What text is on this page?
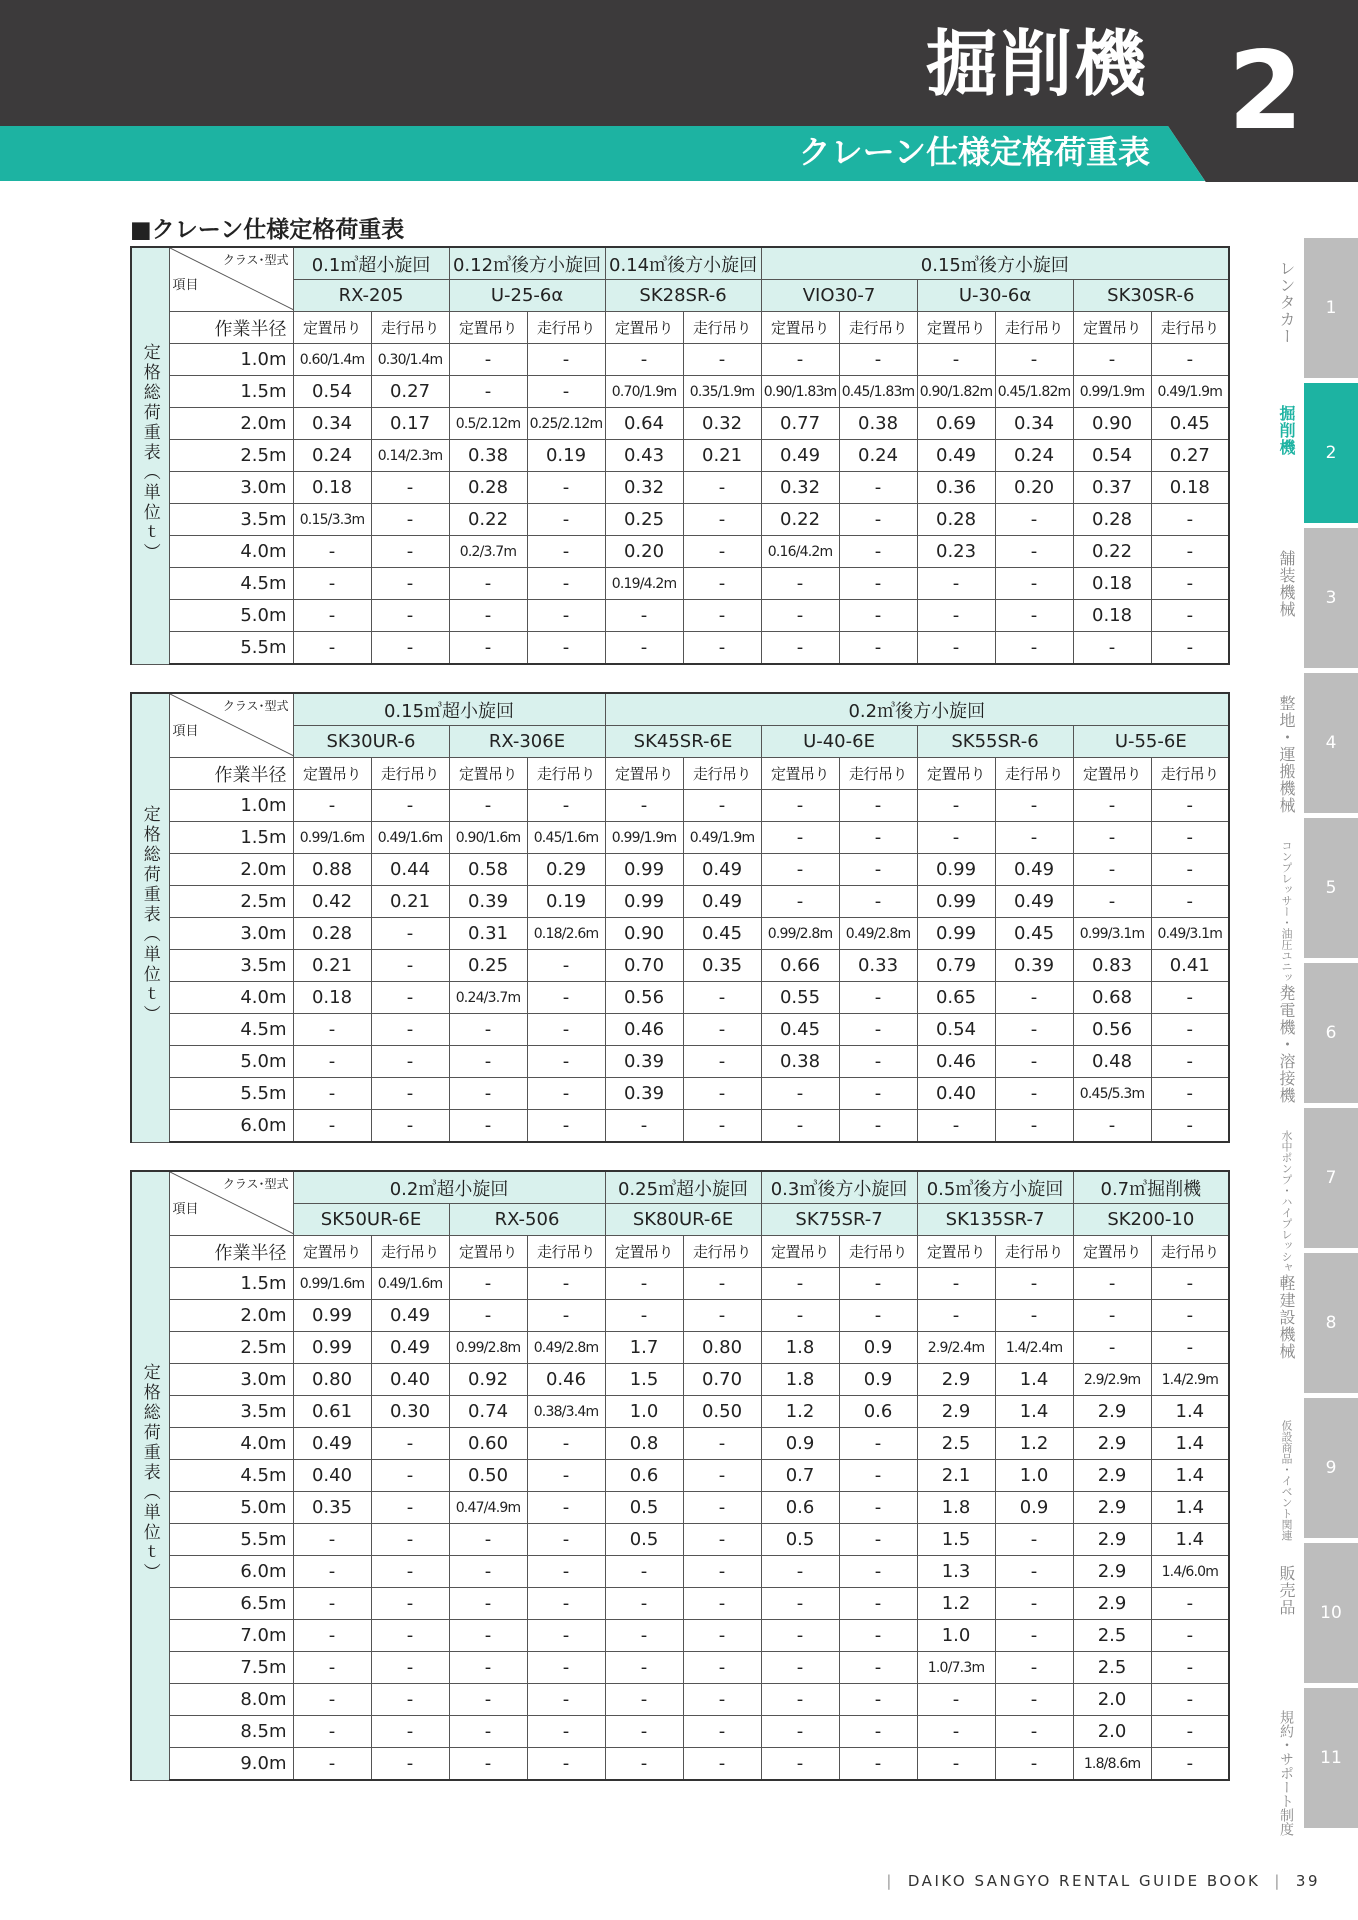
掘削機
クレーン仕様定格荷重表 2
■クレーン仕様定格荷重表
定格総荷重表（単位ｔ）	クラス･型式
項目	0.1㎥超小旋回		0.12㎥後方小旋回		0.14㎥後方小旋回		0.15㎥後方小旋回					
		RX-205		U-25-6α		SK28SR-6		VIO30-7		U-30-6α		SK30SR-6	
	作業半径	定置吊り	走行吊り	定置吊り	走行吊り	定置吊り	走行吊り	定置吊り	走行吊り	定置吊り	走行吊り	定置吊り	走行吊り
	1.0m	0.60/1.4m	0.30/1.4m	-	-	-	-	-	-	-	-	-	-
	1.5m	0.54	0.27	-	-	0.70/1.9m	0.35/1.9m	0.90/1.83m	0.45/1.83m	0.90/1.82m	0.45/1.82m	0.99/1.9m	0.49/1.9m
	2.0m	0.34	0.17	0.5/2.12m	0.25/2.12m	0.64	0.32	0.77	0.38	0.69	0.34	0.90	0.45
	2.5m	0.24	0.14/2.3m	0.38	0.19	0.43	0.21	0.49	0.24	0.49	0.24	0.54	0.27
	3.0m	0.18	-	0.28	-	0.32	-	0.32	-	0.36	0.20	0.37	0.18
	3.5m	0.15/3.3m	-	0.22	-	0.25	-	0.22	-	0.28	-	0.28	-
	4.0m	-	-	0.2/3.7m	-	0.20	-	0.16/4.2m	-	0.23	-	0.22	-
	4.5m	-	-	-	-	0.19/4.2m	-	-	-	-	-	0.18	-
	5.0m	-	-	-	-	-	-	-	-	-	-	0.18	-
	5.5m	-	-	-	-	-	-	-	-	-	-	-	-
定格総荷重表（単位ｔ）	クラス･型式
項目	0.15㎥超小旋回				0.2㎥後方小旋回							
		SK30UR-6		RX-306E		SK45SR-6E		U-40-6E		SK55SR-6		U-55-6E	
	作業半径	定置吊り	走行吊り	定置吊り	走行吊り	定置吊り	走行吊り	定置吊り	走行吊り	定置吊り	走行吊り	定置吊り	走行吊り
	1.0m	-	-	-	-	-	-	-	-	-	-	-	-
	1.5m	0.99/1.6m	0.49/1.6m	0.90/1.6m	0.45/1.6m	0.99/1.9m	0.49/1.9m	-	-	-	-	-	-
	2.0m	0.88	0.44	0.58	0.29	0.99	0.49	-	-	0.99	0.49	-	-
	2.5m	0.42	0.21	0.39	0.19	0.99	0.49	-	-	0.99	0.49	-	-
	3.0m	0.28	-	0.31	0.18/2.6m	0.90	0.45	0.99/2.8m	0.49/2.8m	0.99	0.45	0.99/3.1m	0.49/3.1m
	3.5m	0.21	-	0.25	-	0.70	0.35	0.66	0.33	0.79	0.39	0.83	0.41
	4.0m	0.18	-	0.24/3.7m	-	0.56	-	0.55	-	0.65	-	0.68	-
	4.5m	-	-	-	-	0.46	-	0.45	-	0.54	-	0.56	-
	5.0m	-	-	-	-	0.39	-	0.38	-	0.46	-	0.48	-
	5.5m	-	-	-	-	0.39	-	-	-	0.40	-	0.45/5.3m	-
	6.0m	-	-	-	-	-	-	-	-	-	-	-	-
定格総荷重表（単位ｔ）	クラス･型式
項目	0.2㎥超小旋回				0.25㎥超小旋回		0.3㎥後方小旋回		0.5㎥後方小旋回		0.7㎥掘削機	
		SK50UR-6E		RX-506		SK80UR-6E		SK75SR-7		SK135SR-7		SK200-10	
	作業半径	定置吊り	走行吊り	定置吊り	走行吊り	定置吊り	走行吊り	定置吊り	走行吊り	定置吊り	走行吊り	定置吊り	走行吊り
	1.5m	0.99/1.6m	0.49/1.6m	-	-	-	-	-	-	-	-	-	-
	2.0m	0.99	0.49	-	-	-	-	-	-	-	-	-	-
	2.5m	0.99	0.49	0.99/2.8m	0.49/2.8m	1.7	0.80	1.8	0.9	2.9/2.4m	1.4/2.4m	-	-
	3.0m	0.80	0.40	0.92	0.46	1.5	0.70	1.8	0.9	2.9	1.4	2.9/2.9m	1.4/2.9m
	3.5m	0.61	0.30	0.74	0.38/3.4m	1.0	0.50	1.2	0.6	2.9	1.4	2.9	1.4
	4.0m	0.49	-	0.60	-	0.8	-	0.9	-	2.5	1.2	2.9	1.4
	4.5m	0.40	-	0.50	-	0.6	-	0.7	-	2.1	1.0	2.9	1.4
	5.0m	0.35	-	0.47/4.9m	-	0.5	-	0.6	-	1.8	0.9	2.9	1.4
	5.5m	-	-	-	-	0.5	-	0.5	-	1.5	-	2.9	1.4
	6.0m	-	-	-	-	-	-	-	-	1.3	-	2.9	1.4/6.0m
	6.5m	-	-	-	-	-	-	-	-	1.2	-	2.9	-
	7.0m	-	-	-	-	-	-	-	-	1.0	-	2.5	-
	7.5m	-	-	-	-	-	-	-	-	1.0/7.3m	-	2.5	-
	8.0m	-	-	-	-	-	-	-	-	-	-	2.0	-
	8.5m	-	-	-	-	-	-	-	-	-	-	2.0	-
	9.0m	-	-	-	-	-	-	-	-	-	-	1.8/8.6m	-
1
2
3
4
5
6
7
8
9
10
11
レンタカー
掘削機
舗装機械
整地・運搬機械
コンプレッサー・油圧ユニット
発電機・溶接機
水中ポンプ・ハイプレッシャー
軽建設機械
仮設商品・イベント関連
販売品
規約・サポート制度
| DAIKO SANGYO RENTAL GUIDE BOOK | 39
